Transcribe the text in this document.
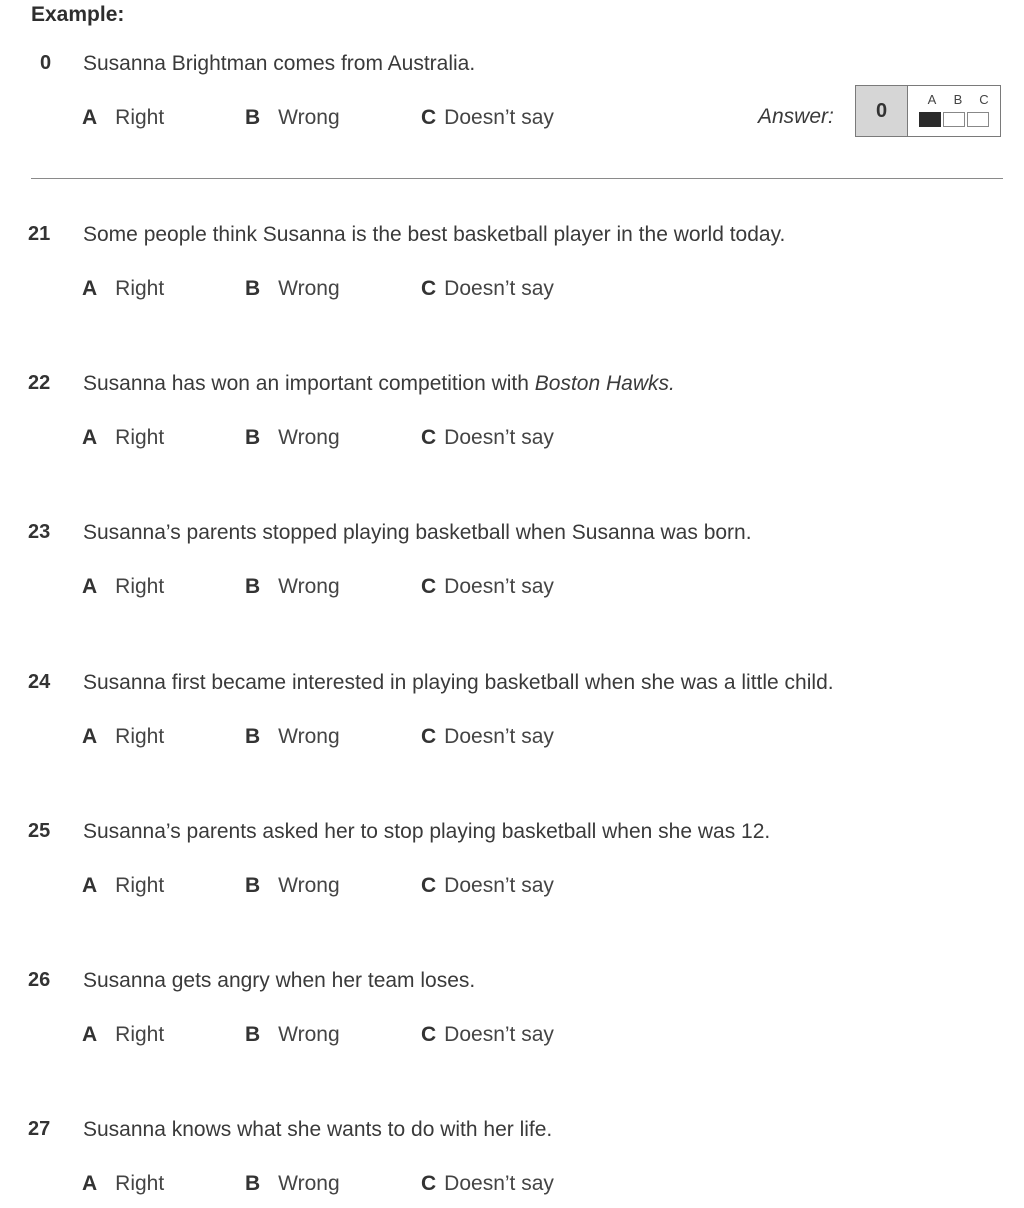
Example:
0 Susanna Brightman comes from Australia.
A Right	B Wrong	C Doesn’t say	Answer:	0
A B C
21 Some people think Susanna is the best basketball player in the world today.
A Right	B Wrong	C Doesn’t say
22 Susanna has won an important competition with Boston Hawks.
A Right	B Wrong	C Doesn’t say
23 Susanna’s parents stopped playing basketball when Susanna was born.
A Right	B Wrong	C Doesn’t say
24 Susanna first became interested in playing basketball when she was a little child.
A Right	B Wrong	C Doesn’t say
25 Susanna’s parents asked her to stop playing basketball when she was 12.
A Right	B Wrong	C Doesn’t say
26 Susanna gets angry when her team loses.
A Right	B Wrong	C Doesn’t say
27 Susanna knows what she wants to do with her life.
A Right	B Wrong	C Doesn’t say
